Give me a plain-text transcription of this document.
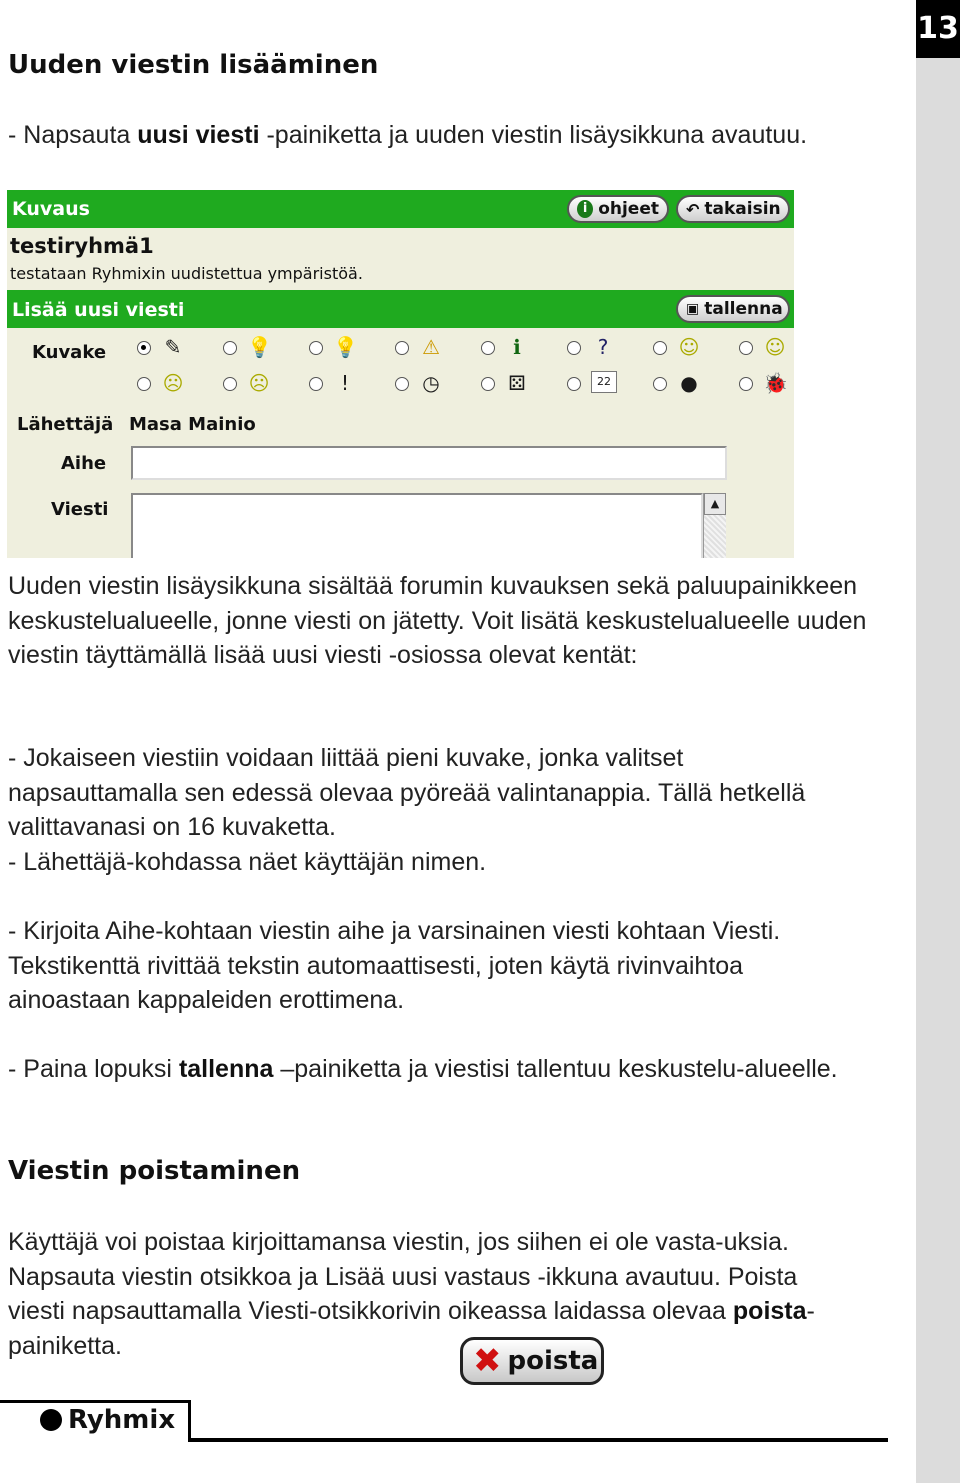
13
Uuden viestin lisääminen

- Napsauta uusi viesti -painiketta ja uuden viestin lisäysikkuna avautuu.

Kuvaus	i ohjeet ↶ takaisin
testiryhmä1
testataan Ryhmixin uudistettua ympäristöä.
Lisää uusi viesti	▣ tallenna
Kuvake	✎	💡	💡	⚠	ℹ	?	☺	☺
☹	☹	!	◷	⚄	22	●	🐞
Lähettäjä Masa Mainio
Aihe
Viesti	▲

Uuden viestin lisäysikkuna sisältää forumin kuvauksen sekä paluupainikkeen keskustelualueelle, jonne viesti on jätetty. Voit lisätä keskustelualueelle uuden viestin täyttämällä lisää uusi viesti -osiossa olevat kentät:

- Jokaiseen viestiin voidaan liittää pieni kuvake, jonka valitset napsauttamalla sen edessä olevaa pyöreää valintanappia. Tällä hetkellä valittavanasi on 16 kuvaketta.

- Lähettäjä-kohdassa näet käyttäjän nimen.

- Kirjoita Aihe-kohtaan viestin aihe ja varsinainen viesti kohtaan Viesti. Tekstikenttä rivittää tekstin automaattisesti, joten käytä rivinvaihtoa ainoastaan kappaleiden erottimena.

- Paina lopuksi tallenna –painiketta ja viestisi tallentuu keskustelu-alueelle.

Viestin poistaminen

Käyttäjä voi poistaa kirjoittamansa viestin, jos siihen ei ole vasta-uksia. Napsauta viestin otsikkoa ja Lisää uusi vastaus -ikkuna avautuu. Poista viesti napsauttamalla Viesti-otsikkorivin oikeassa laidassa olevaa poista-painiketta.	✖ poista
Ryhmix
